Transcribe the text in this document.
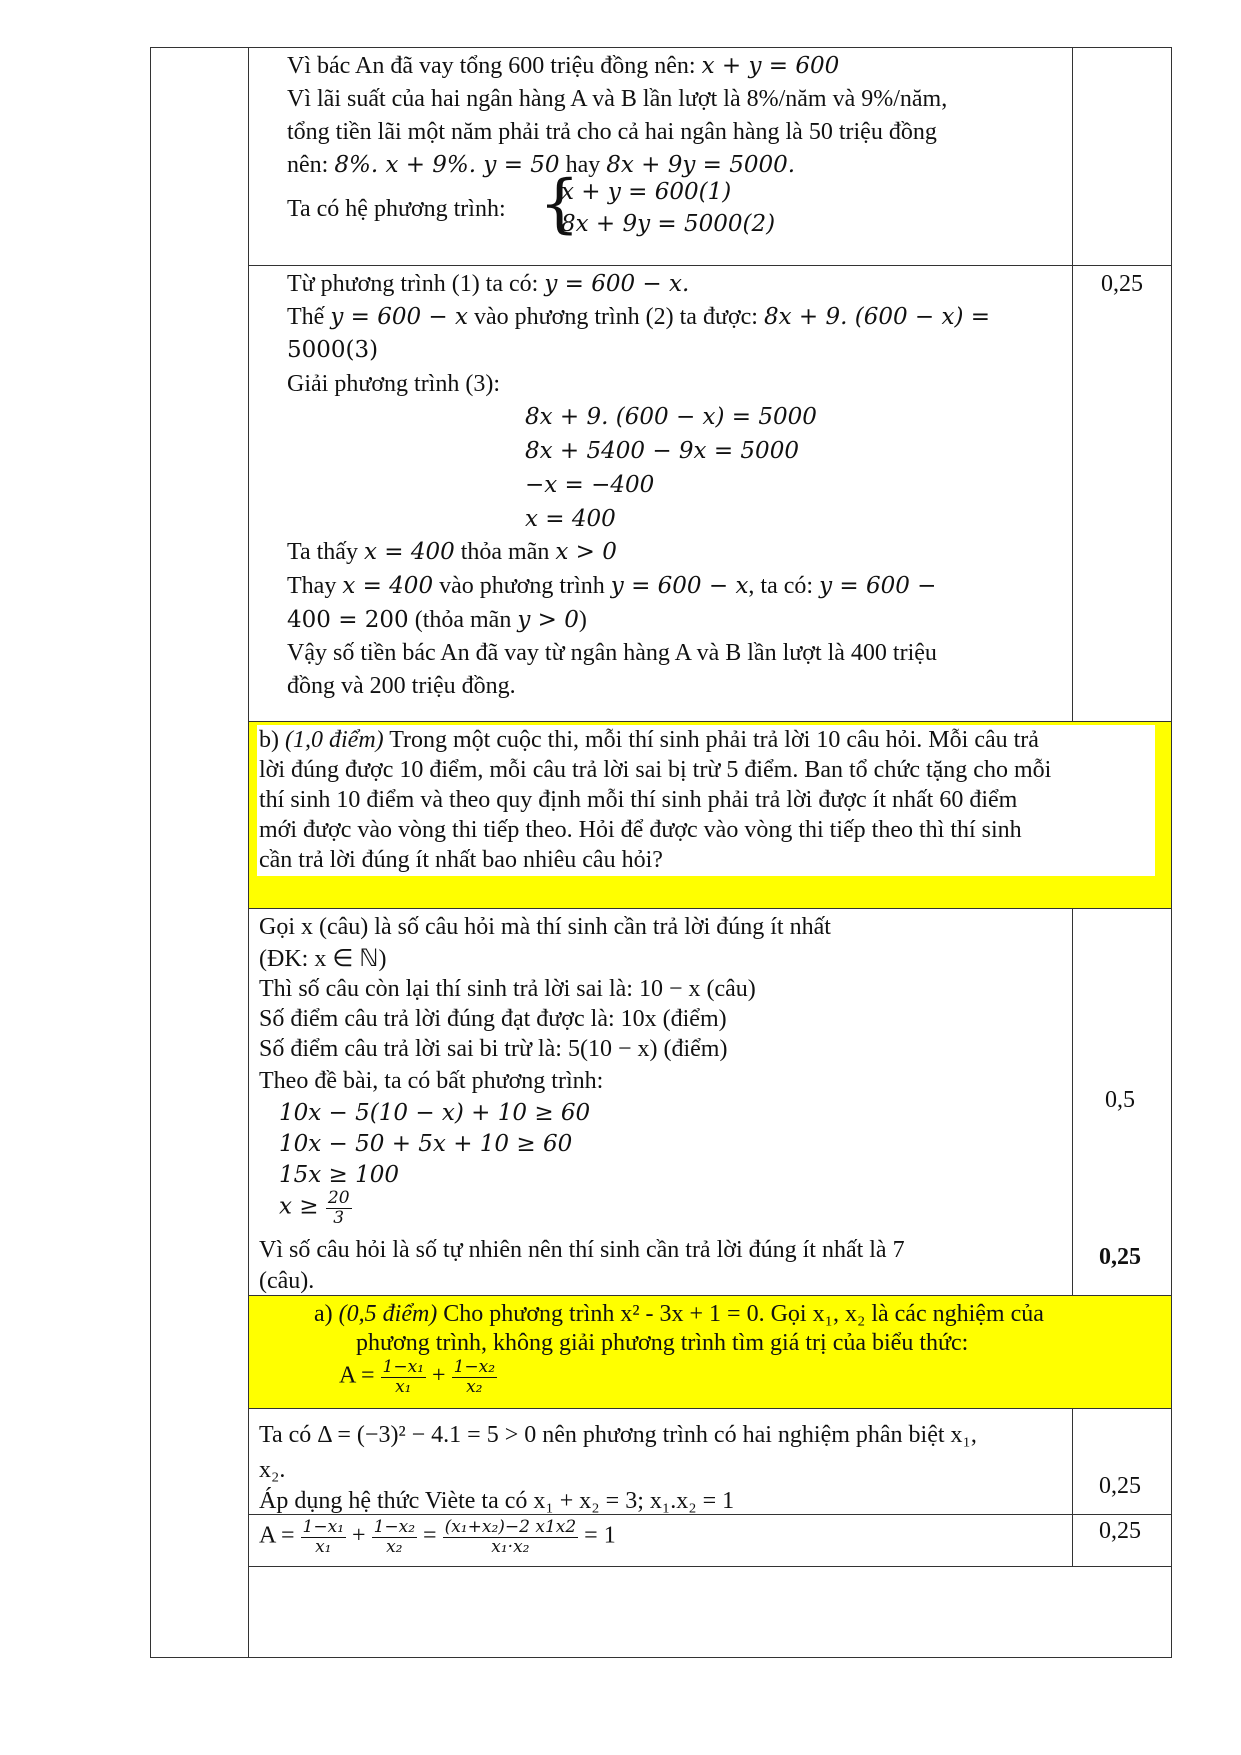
Vì bác An đã vay tổng 600 triệu đồng nên: x + y = 600
Vì lãi suất của hai ngân hàng A và B lần lượt là 8%/năm và 9%/năm,
tổng tiền lãi một năm phải trả cho cả hai ngân hàng là 50 triệu đồng
nên: 8%. x + 9%. y = 50 hay 8x + 9y = 5000.
Ta có hệ phương trình: {
x + y = 600(1)
8x + 9y = 5000(2)
Từ phương trình (1) ta có: y = 600 − x.
Thế y = 600 − x vào phương trình (2) ta được: 8x + 9. (600 − x) =
5000(3)
Giải phương trình (3):
8x + 9. (600 − x) = 5000
8x + 5400 − 9x = 5000
−x = −400
x = 400
Ta thấy x = 400 thỏa mãn x > 0
Thay x = 400 vào phương trình y = 600 − x, ta có: y = 600 −
400 = 200 (thỏa mãn y > 0)
Vậy số tiền bác An đã vay từ ngân hàng A và B lần lượt là 400 triệu
đồng và 200 triệu đồng.
0,25
b) (1,0 điểm) Trong một cuộc thi, mỗi thí sinh phải trả lời 10 câu hỏi. Mỗi câu trả
lời đúng được 10 điểm, mỗi câu trả lời sai bị trừ 5 điểm. Ban tổ chức tặng cho mỗi
thí sinh 10 điểm và theo quy định mỗi thí sinh phải trả lời được ít nhất 60 điểm
mới được vào vòng thi tiếp theo. Hỏi để được vào vòng thi tiếp theo thì thí sinh
cần trả lời đúng ít nhất bao nhiêu câu hỏi?
Gọi x (câu) là số câu hỏi mà thí sinh cần trả lời đúng ít nhất
(ĐK: x ∈ ℕ)
Thì số câu còn lại thí sinh trả lời sai là: 10 − x (câu)
Số điểm câu trả lời đúng đạt được là: 10x (điểm)
Số điểm câu trả lời sai bi trừ là: 5(10 − x) (điểm)
Theo đề bài, ta có bất phương trình:
10x − 5(10 − x) + 10 ≥ 60
10x − 50 + 5x + 10 ≥ 60
15x ≥ 100
$x \ge \frac{20}{3}$
Vì số câu hỏi là số tự nhiên nên thí sinh cần trả lời đúng ít nhất là 7
(câu).
0,5
0,25
a) (0,5 điểm) Cho phương trình x² - 3x + 1 = 0. Gọi x₁, x₂ là các nghiệm của
phương trình, không giải phương trình tìm giá trị của biểu thức:
$A = \frac{\text{1−x₁}}{\text{x₁}} + \frac{\text{1−x₂}}{\text{x₂}}$
Ta có Δ = (−3)² − 4.1 = 5 > 0 nên phương trình có hai nghiệm phân biệt x₁,
x₂.
Áp dụng hệ thức Viète ta có x₁ + x₂ = 3; x₁.x₂ = 1
0,25
$A = \frac{\text{1−x₁}}{\text{x₁}} + \frac{\text{1−x₂}}{\text{x₂}} = \frac{\text{(x₁+x₂)−2 x1x2}}{\text{x₁·x₂}} = 1$	0,25
